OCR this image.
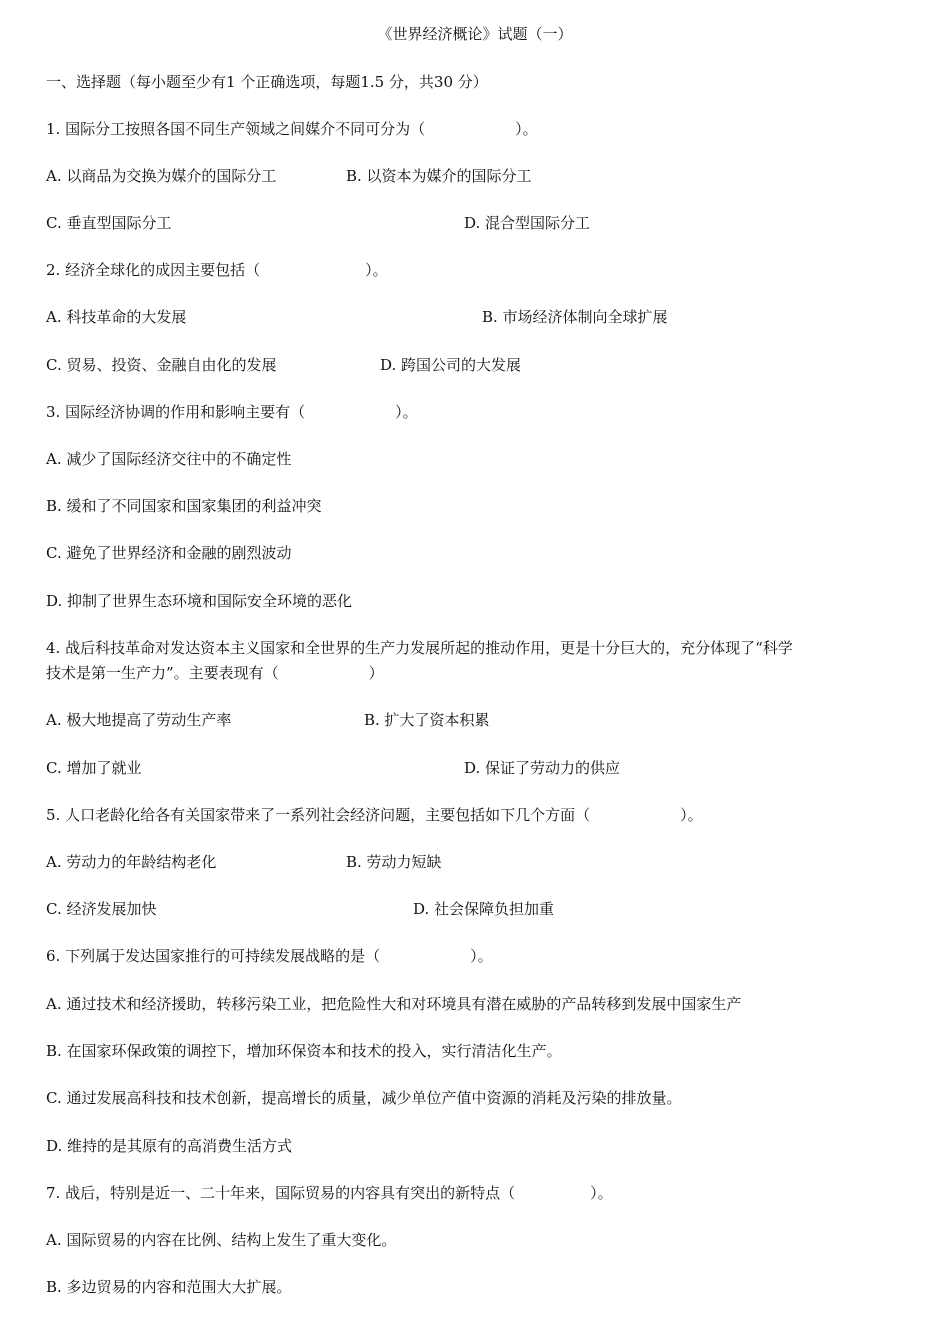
《世界经济概论》试题（一）
一、选择题（每小题至少有1 个正确选项，每题1.5 分，共30 分）
1. 国际分工按照各国不同生产领域之间媒介不同可分为（　　　　　　）。
A. 以商品为交换为媒介的国际分工	B. 以资本为媒介的国际分工
C. 垂直型国际分工	D. 混合型国际分工
2. 经济全球化的成因主要包括（　　　　　　　）。
A. 科技革命的大发展	B. 市场经济体制向全球扩展
C. 贸易、投资、金融自由化的发展	D. 跨国公司的大发展
3. 国际经济协调的作用和影响主要有（　　　　　　）。
A. 减少了国际经济交往中的不确定性
B. 缓和了不同国家和国家集团的利益冲突
C. 避免了世界经济和金融的剧烈波动
D. 抑制了世界生态环境和国际安全环境的恶化
4. 战后科技革命对发达资本主义国家和全世界的生产力发展所起的推动作用，更是十分巨大的，充分体现了“科学
技术是第一生产力”。主要表现有（　　　　　　）
A. 极大地提高了劳动生产率	B. 扩大了资本积累
C. 增加了就业	D. 保证了劳动力的供应
5. 人口老龄化给各有关国家带来了一系列社会经济问题，主要包括如下几个方面（　　　　　　）。
A. 劳动力的年龄结构老化	B. 劳动力短缺
C. 经济发展加快	D. 社会保障负担加重
6. 下列属于发达国家推行的可持续发展战略的是（　　　　　　）。
A. 通过技术和经济援助，转移污染工业，把危险性大和对环境具有潜在威胁的产品转移到发展中国家生产
B. 在国家环保政策的调控下，增加环保资本和技术的投入，实行清洁化生产。
C. 通过发展高科技和技术创新，提高增长的质量，减少单位产值中资源的消耗及污染的排放量。
D. 维持的是其原有的高消费生活方式
7. 战后，特别是近一、二十年来，国际贸易的内容具有突出的新特点（　　　　　）。
A. 国际贸易的内容在比例、结构上发生了重大变化。
B. 多边贸易的内容和范围大大扩展。
